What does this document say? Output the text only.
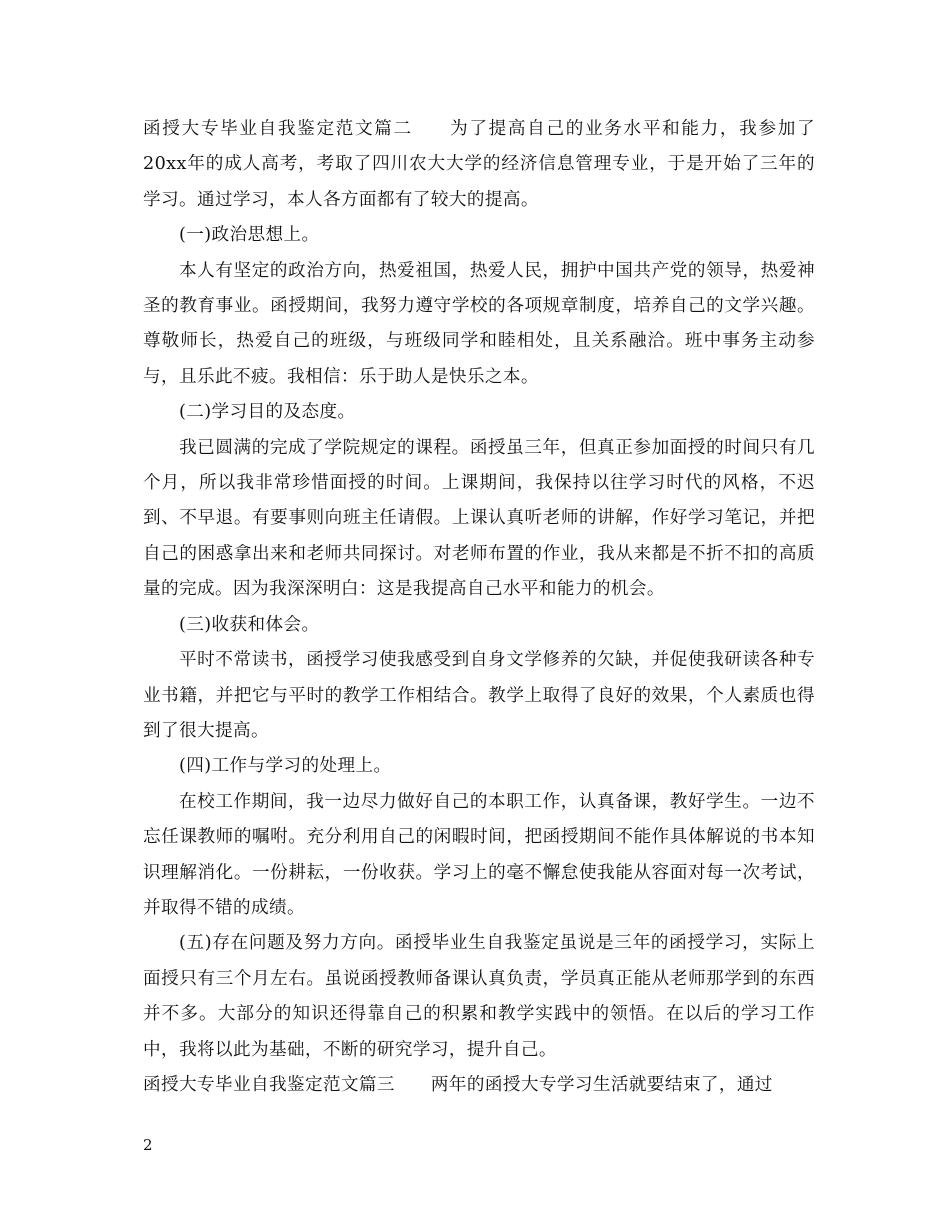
函授大专毕业自我鉴定范文篇二 为了提高自己的业务水平和能力，我参加了20xx年的成人高考，考取了四川农大大学的经济信息管理专业，于是开始了三年的学习。通过学习，本人各方面都有了较大的提高。

(一)政治思想上。

本人有坚定的政治方向，热爱祖国，热爱人民，拥护中国共产党的领导，热爱神圣的教育事业。函授期间，我努力遵守学校的各项规章制度，培养自己的文学兴趣。尊敬师长，热爱自己的班级，与班级同学和睦相处，且关系融洽。班中事务主动参与，且乐此不疲。我相信：乐于助人是快乐之本。

(二)学习目的及态度。

我已圆满的完成了学院规定的课程。函授虽三年，但真正参加面授的时间只有几个月，所以我非常珍惜面授的时间。上课期间，我保持以往学习时代的风格，不迟到、不早退。有要事则向班主任请假。上课认真听老师的讲解，作好学习笔记，并把自己的困惑拿出来和老师共同探讨。对老师布置的作业，我从来都是不折不扣的高质量的完成。因为我深深明白：这是我提高自己水平和能力的机会。

(三)收获和体会。

平时不常读书，函授学习使我感受到自身文学修养的欠缺，并促使我研读各种专业书籍，并把它与平时的教学工作相结合。教学上取得了良好的效果，个人素质也得到了很大提高。

(四)工作与学习的处理上。

在校工作期间，我一边尽力做好自己的本职工作，认真备课，教好学生。一边不忘任课教师的嘱咐。充分利用自己的闲暇时间，把函授期间不能作具体解说的书本知识理解消化。一份耕耘，一份收获。学习上的毫不懈怠使我能从容面对每一次考试，并取得不错的成绩。

(五)存在问题及努力方向。函授毕业生自我鉴定虽说是三年的函授学习，实际上面授只有三个月左右。虽说函授教师备课认真负责，学员真正能从老师那学到的东西并不多。大部分的知识还得靠自己的积累和教学实践中的领悟。在以后的学习工作中，我将以此为基础，不断的研究学习，提升自己。

函授大专毕业自我鉴定范文篇三 两年的函授大专学习生活就要结束了，通过

2
